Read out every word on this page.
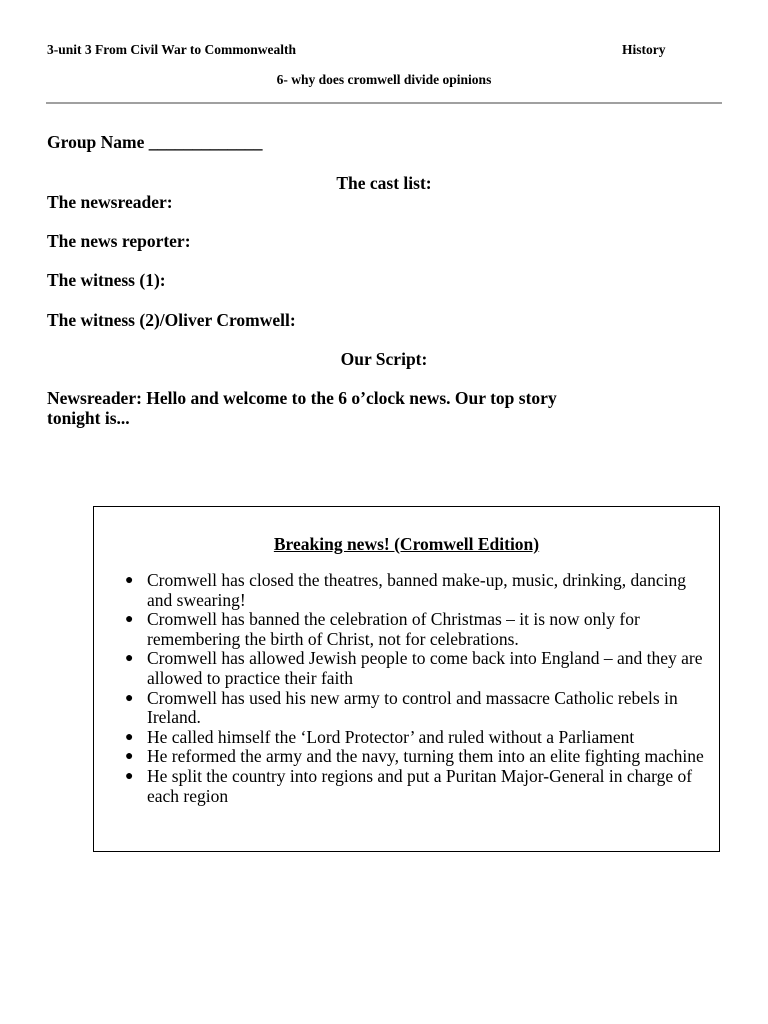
3-unit 3 From Civil War to Commonwealth	History
6- why does cromwell divide opinions
Group Name _____________
The cast list:
The newsreader:
The news reporter:
The witness (1):
The witness (2)/Oliver Cromwell:
Our Script:
Newsreader: Hello and welcome to the 6 o’clock news. Our top story tonight is...
Breaking news! (Cromwell Edition)
● Cromwell has closed the theatres, banned make-up, music, drinking, dancing and swearing!
● Cromwell has banned the celebration of Christmas – it is now only for remembering the birth of Christ, not for celebrations.
● Cromwell has allowed Jewish people to come back into England – and they are allowed to practice their faith
● Cromwell has used his new army to control and massacre Catholic rebels in Ireland.
● He called himself the ‘Lord Protector’ and ruled without a Parliament
● He reformed the army and the navy, turning them into an elite fighting machine
● He split the country into regions and put a Puritan Major-General in charge of each region
